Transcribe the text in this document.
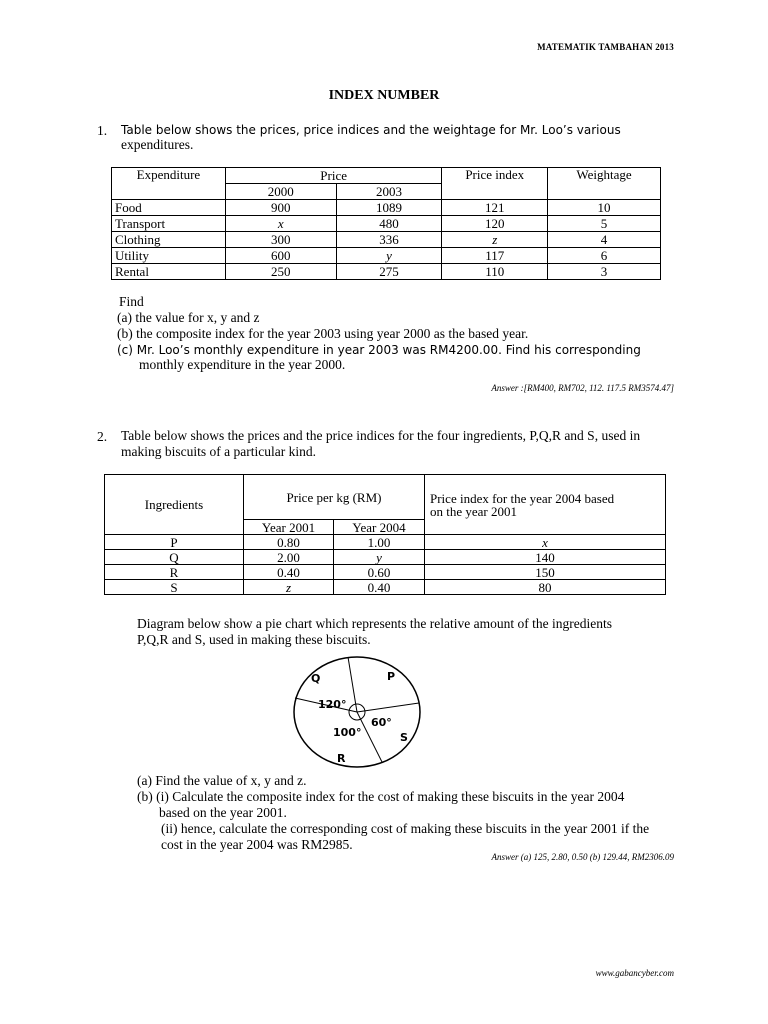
MATEMATIK TAMBAHAN 2013
INDEX NUMBER
1. Table below shows the prices, price indices and the weightage for Mr. Loo’s various
expenditures.
Expenditure	Price		Price index	Weightage
	2000	2003		
Food	900	1089	121	10
Transport	x	480	120	5
Clothing	300	336	z	4
Utility	600	y	117	6
Rental	250	275	110	3
Find
(a) the value for x, y and z
(b) the composite index for the year 2003 using year 2000 as the based year.
(c) Mr. Loo’s monthly expenditure in year 2003 was RM4200.00. Find his corresponding
monthly expenditure in the year 2000.
Answer :[RM400, RM702, 112. 117.5 RM3574.47]
2. Table below shows the prices and the price indices for the four ingredients, P,Q,R and S, used in
making biscuits of a particular kind.
Ingredients	Price per kg (RM)		Price index for the year 2004 based
on the year 2001

	Year 2001	Year 2004	
P	0.80	1.00	x
Q	2.00	y	140
R	0.40	0.60	150
S	z	0.40	80
Diagram below show a pie chart which represents the relative amount of the ingredients
P,Q,R and S, used in making these biscuits.
Q	P
S
R
120°
60°
100°
(a) Find the value of x, y and z.
(b) (i) Calculate the composite index for the cost of making these biscuits in the year 2004
based on the year 2001.
(ii) hence, calculate the corresponding cost of making these biscuits in the year 2001 if the
cost in the year 2004 was RM2985.
Answer (a) 125, 2.80, 0.50 (b) 129.44, RM2306.09
www.gabancyber.com
